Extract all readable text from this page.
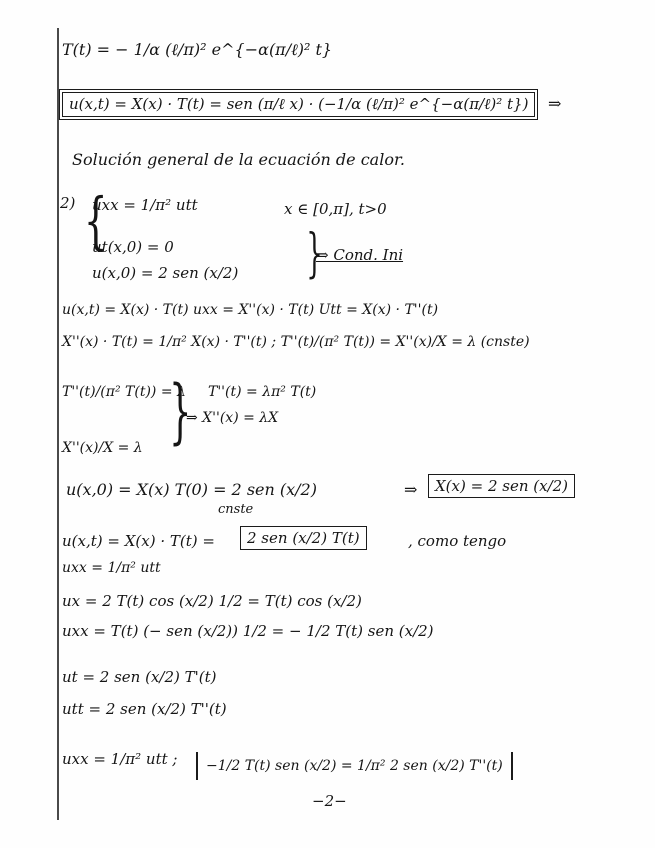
T(t) = − 1/α (ℓ/π)² e^{−α(π/ℓ)² t}
u(x,t) = X(x) · T(t) = sen (π/ℓ x) · (−1/α (ℓ/π)² e^{−α(π/ℓ)² t})	⇒
Solución general de la ecuación de calor.
2) {
uxx = 1/π² utt	x ∈ [0,π], t>0
ut(x,0) = 0
u(x,0) = 2 sen (x/2) }
⇒ Cond. Ini
u(x,t) = X(x) · T(t) uxx = X''(x) · T(t) Utt = X(x) · T''(t)
X''(x) · T(t) = 1/π² X(x) · T''(t) ; T''(t)/(π² T(t)) = X''(x)/X = λ (cnste)
T''(t)/(π² T(t)) = λ
} T''(t) = λπ² T(t)
⇒ X''(x) = λX
X''(x)/X = λ
u(x,0) = X(x) T(0) = 2 sen (x/2)
cnste
⇒	X(x) = 2 sen (x/2)
u(x,t) = X(x) · T(t) =	2 sen (x/2) T(t)	, como tengo
uxx = 1/π² utt
ux = 2 T(t) cos (x/2) 1/2 = T(t) cos (x/2)
uxx = T(t) (− sen (x/2)) 1/2 = − 1/2 T(t) sen (x/2)
ut = 2 sen (x/2) T'(t)
utt = 2 sen (x/2) T''(t)
uxx = 1/π² utt ;	−1/2 T(t) sen (x/2) = 1/π² 2 sen (x/2) T''(t)
−2−
